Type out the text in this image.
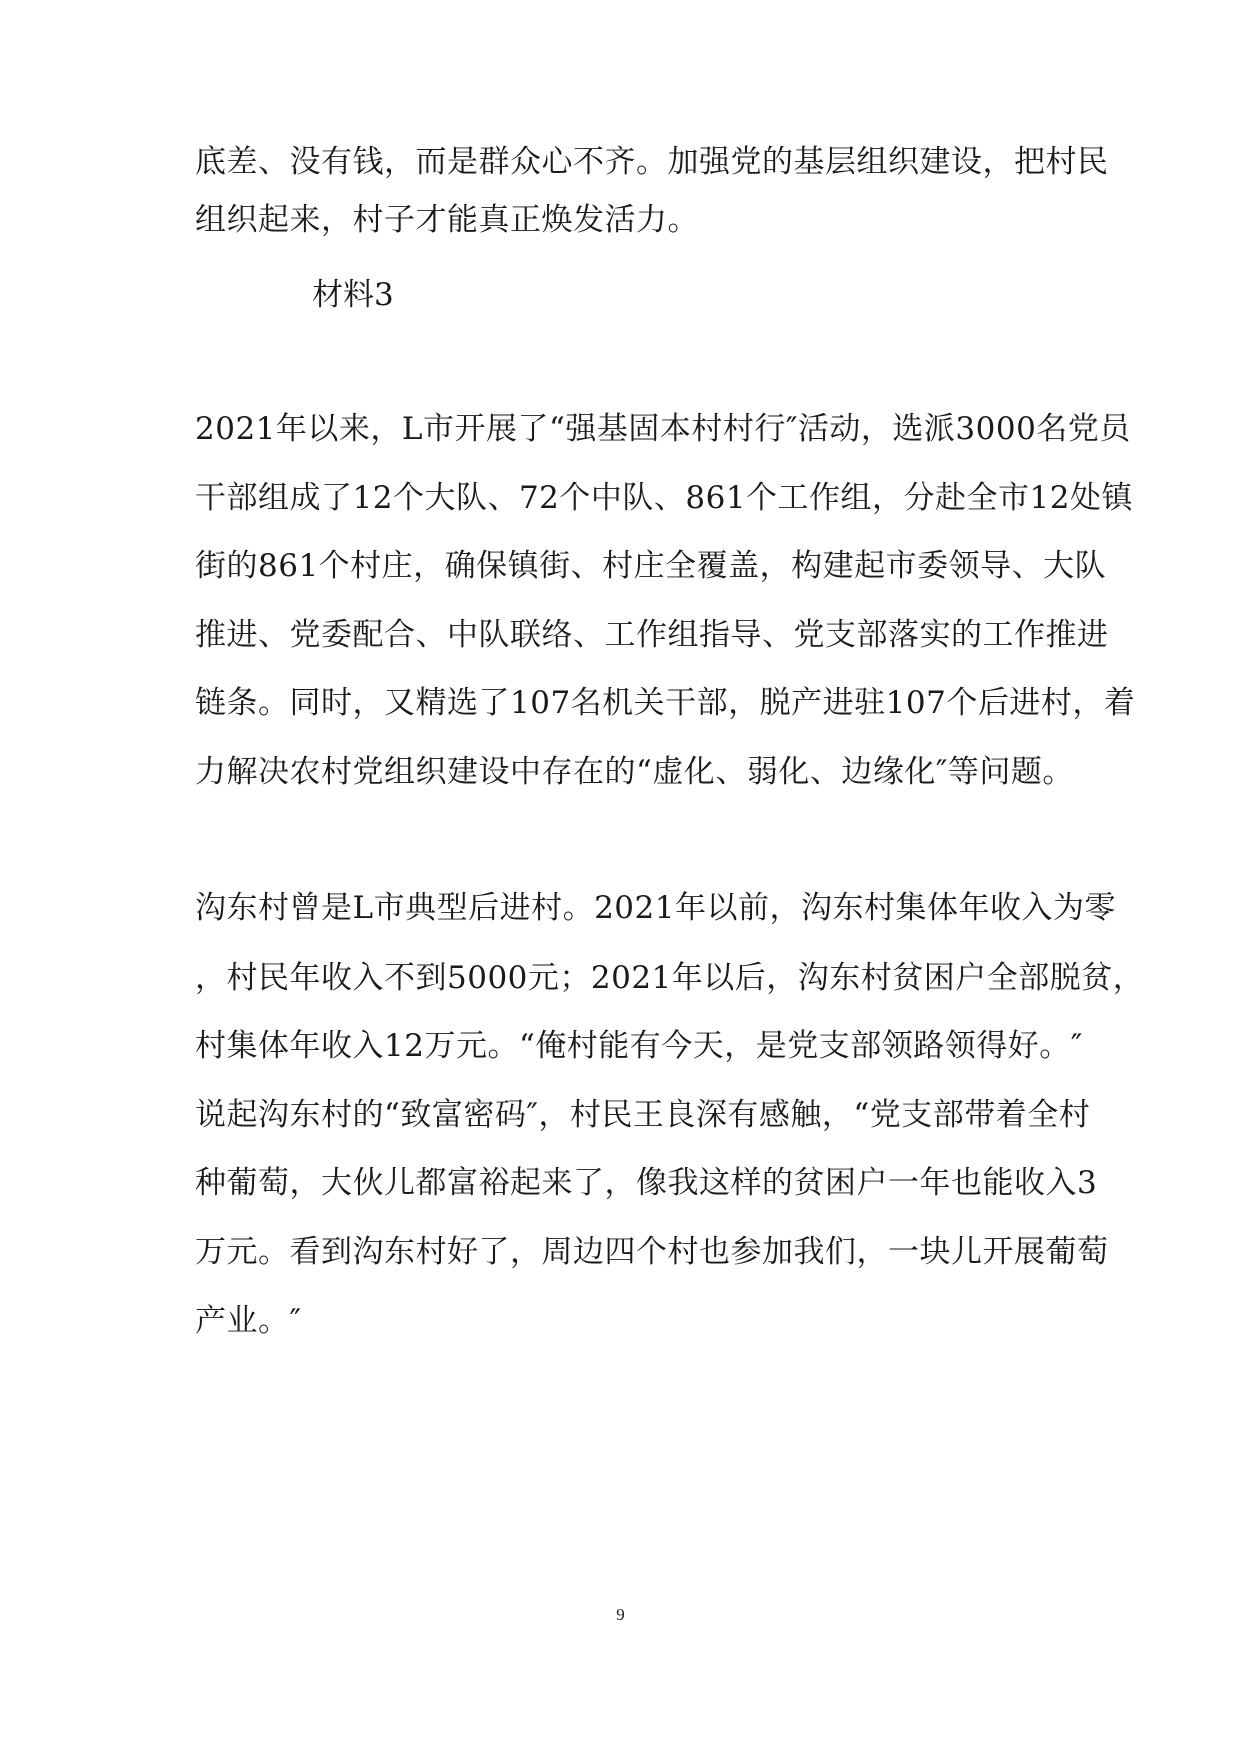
底差、没有钱，而是群众心不齐。加强党的基层组织建设，把村民
组织起来，村子才能真正焕发活力。
材料3
2021年以来，L市开展了“强基固本村村行″活动，选派3000名党员
干部组成了12个大队、72个中队、861个工作组，分赴全市12处镇
街的861个村庄，确保镇街、村庄全覆盖，构建起市委领导、大队
推进、党委配合、中队联络、工作组指导、党支部落实的工作推进
链条。同时，又精选了107名机关干部，脱产进驻107个后进村，着
力解决农村党组织建设中存在的“虚化、弱化、边缘化″等问题。
沟东村曾是L市典型后进村。2021年以前，沟东村集体年收入为零
，村民年收入不到5000元；2021年以后，沟东村贫困户全部脱贫，
村集体年收入12万元。“俺村能有今天，是党支部领路领得好。″
说起沟东村的“致富密码″，村民王良深有感触，“党支部带着全村
种葡萄，大伙儿都富裕起来了，像我这样的贫困户一年也能收入3
万元。看到沟东村好了，周边四个村也参加我们，一块儿开展葡萄
产业。″
9
